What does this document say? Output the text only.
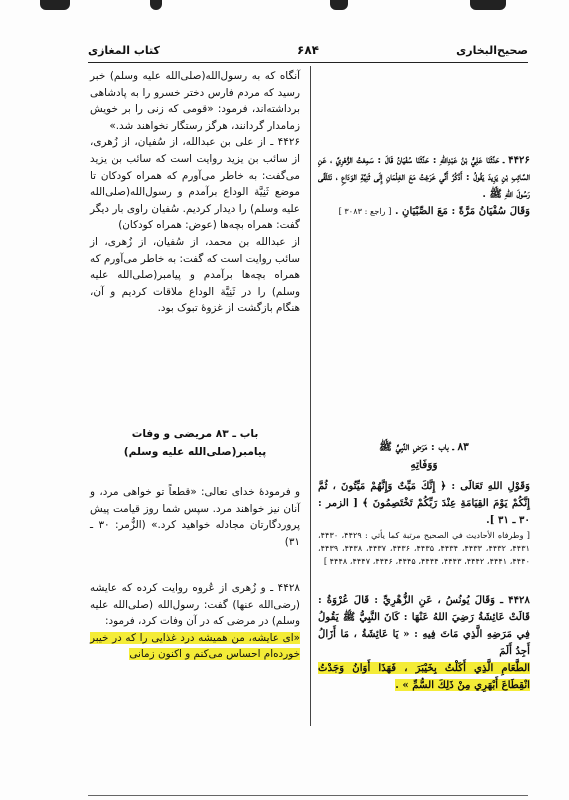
کتاب المغازی	۶۸۴	صحیح‌البخاری

آنگاه که به رسول‌الله(صلی‌الله علیه وسلم) خبر رسید که مردم فارس دختر خسرو را به پادشاهی برداشته‌اند، فرمود: «قومی که زنی را بر خویش زمامدار گردانند، هرگز رستگار نخواهند شد.»

۴۴۲۶ ـ از علی بن عبدالله، از سُفیان، از زُهری، از سائب بن یزید روایت است که سائب بن یزید می‌گفت: به خاطر می‌آورم که همراه کودکان تا موضع ثَنِیَّة الوداع برآمدم و رسول‌الله(صلی‌الله علیه وسلم) را دیدار کردیم. سُفیان راوی بار دیگر گفت: همراه بچه‌ها (عوض: همراه کودکان)

از عبدالله بن محمد، از سُفیان، از زُهری، از سائب روایت است که گفت: به خاطر می‌آورم که همراه بچه‌ها برآمدم و پیامبر(صلی‌الله علیه وسلم) را در ثَنِیَّة الوداع ملاقات کردیم و آن، هنگام بازگشت از غزوهٔ تبوک بود.

باب ـ ۸۳ مریضی و وفات
پیامبر(صلی‌الله علیه وسلم)

و فرمودهٔ خدای تعالی: «قطعاً تو خواهی مرد، و آنان نیز خواهند مرد. سپس شما روز قیامت پیش پروردگارتان مجادله خواهید کرد.» (الزُّمر: ۳۰ ـ ۳۱)

۴۴۲۸ ـ و زُهری از عُروه روایت کرده که عایشه (رضی‌الله عنها) گفت: رسول‌الله (صلی‌الله علیه وسلم) در مرضی که در آن وفات کرد، فرمود:

«ای عایشه، من همیشه درد غذایی را که در خیبر خورده‌ام احساس می‌کنم و اکنون زمانی

۴۴۲۶ ـ حَدَّثَنَا عَلِيُّ بْنُ عَبْدِاللهِ : حَدَّثَنَا سُفْيَانُ قَالَ : سَمِعْتُ الزُّهْرِيَّ ، عَنِ السَّائِبِ بْنِ يَزِيدَ يَقُولُ : أَذْكُرُ أَنِّي خَرَجْتُ مَعَ الغِلْمَانِ إِلَى ثَنِيَّةِ الوَدَاعِ ، نَتَلَقَّى رَسُولَ اللهِ ﷺ .

وَقَالَ سُفْيَانُ مَرَّةً : مَعَ الصِّبْيَانِ . [ راجع : ۳۰۸۳ ]

۸۳ ـ باب : مَرَضِ النَّبِيِّ ﷺ
وَوَفَاتِهِ

وَقَوْلِ اللهِ تَعَالَى : ﴿ إِنَّكَ مَيِّتٌ وَإِنَّهُمْ مَيِّتُونَ ، ثُمَّ إِنَّكُمْ يَوْمَ القِيَامَةِ عِنْدَ رَبِّكُمْ تَخْتَصِمُونَ ﴾ [ الزمر : ۳۰ ـ ۳۱ ].

[ وطرفاه الأحاديث في الصحيح مرتبة كما يأتي : ۴۴۲۹، ۴۴۳۰، ۴۴۳۱، ۴۴۳۲، ۴۴۳۳، ۴۴۳۴، ۴۴۳۵، ۴۴۳۶، ۴۴۳۷، ۴۴۳۸، ۴۴۳۹، ۴۴۴۰، ۴۴۴۱، ۴۴۴۲، ۴۴۴۳، ۴۴۴۴، ۴۴۴۵، ۴۴۴۶، ۴۴۴۷، ۴۴۴۸ ]

۴۴۲۸ ـ وَقَالَ يُونُسُ ، عَنِ الزُّهْرِيِّ : قَالَ عُرْوَةُ : قَالَتْ عَائِشَةُ رَضِيَ اللهُ عَنْهَا : كَانَ النَّبِيُّ ﷺ يَقُولُ فِي مَرَضِهِ الَّذِي مَاتَ فِيهِ : « يَا عَائِشَةُ ، مَا أَزَالُ أَجِدُ أَلَمَ

الطَّعَامِ الَّذِي أَكَلْتُ بِخَيْبَرَ ، فَهَذَا أَوَانُ وَجَدْتُ انْقِطَاعَ أَبْهَرِي مِنْ ذَلِكَ السُّمِّ » .
